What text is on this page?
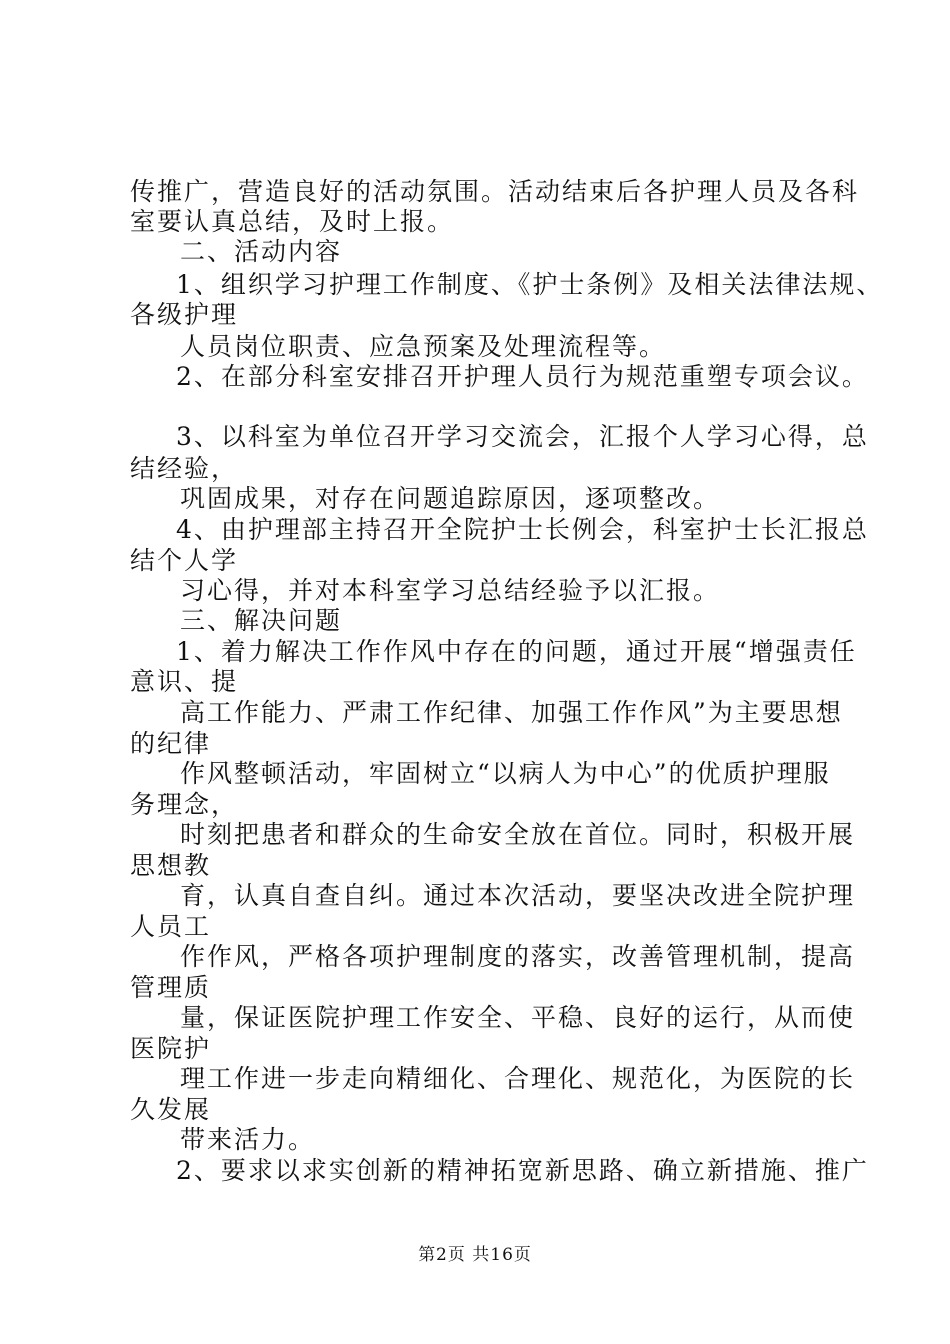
传推广，营造良好的活动氛围。活动结束后各护理人员及各科
室要认真总结，及时上报。
二、活动内容
1、组织学习护理工作制度、《护士条例》及相关法律法规、
各级护理
人员岗位职责、应急预案及处理流程等。
2、在部分科室安排召开护理人员行为规范重塑专项会议。
3、以科室为单位召开学习交流会，汇报个人学习心得，总
结经验，
巩固成果，对存在问题追踪原因，逐项整改。
4、由护理部主持召开全院护士长例会，科室护士长汇报总
结个人学
习心得，并对本科室学习总结经验予以汇报。
三、解决问题
1、着力解决工作作风中存在的问题，通过开展“增强责任
意识、提
高工作能力、严肃工作纪律、加强工作作风”为主要思想
的纪律
作风整顿活动，牢固树立“以病人为中心”的优质护理服
务理念，
时刻把患者和群众的生命安全放在首位。同时，积极开展
思想教
育，认真自查自纠。通过本次活动，要坚决改进全院护理
人员工
作作风，严格各项护理制度的落实，改善管理机制，提高
管理质
量，保证医院护理工作安全、平稳、良好的运行，从而使
医院护
理工作进一步走向精细化、合理化、规范化，为医院的长
久发展
带来活力。
2、要求以求实创新的精神拓宽新思路、确立新措施、推广
第2页 共16页
